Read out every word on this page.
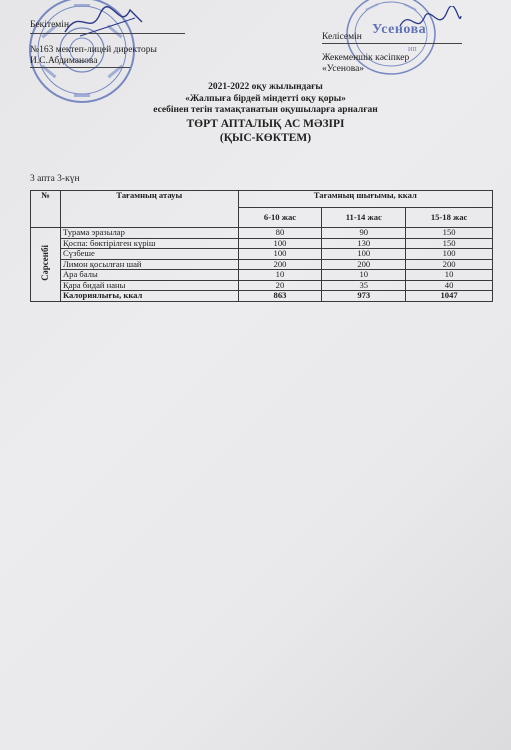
Усенова
ИП
Бекітемін
№163 мектеп-лицей директоры
И.С.Абдиманова
Келісемін
Жекеменшік кәсіпкер
«Усенова»
2021-2022 оқу жылындағы
«Жалпыға бірдей міндетті оқу қоры»
есебінен тегін тамақтанатын оқушыларға арналған
ТӨРТ АПТАЛЫҚ АС МӘЗІРІ
(ҚЫС-КӨКТЕМ)
3 апта 3-күн
№	Тағамның атауы	Тағамның шығымы, ккал		
		6-10 жас	11-14 жас	15-18 жас
Сәрсенбі	Турама эразылар	80	90	150
	Қоспа: бөктірілген күріш	100	130	150
	Сүзбеше	100	100	100
	Лимон қосылған шай	200	200	200
	Ара балы	10	10	10
	Қара бидай наны	20	35	40
	Калориялығы, ккал	863	973	1047
